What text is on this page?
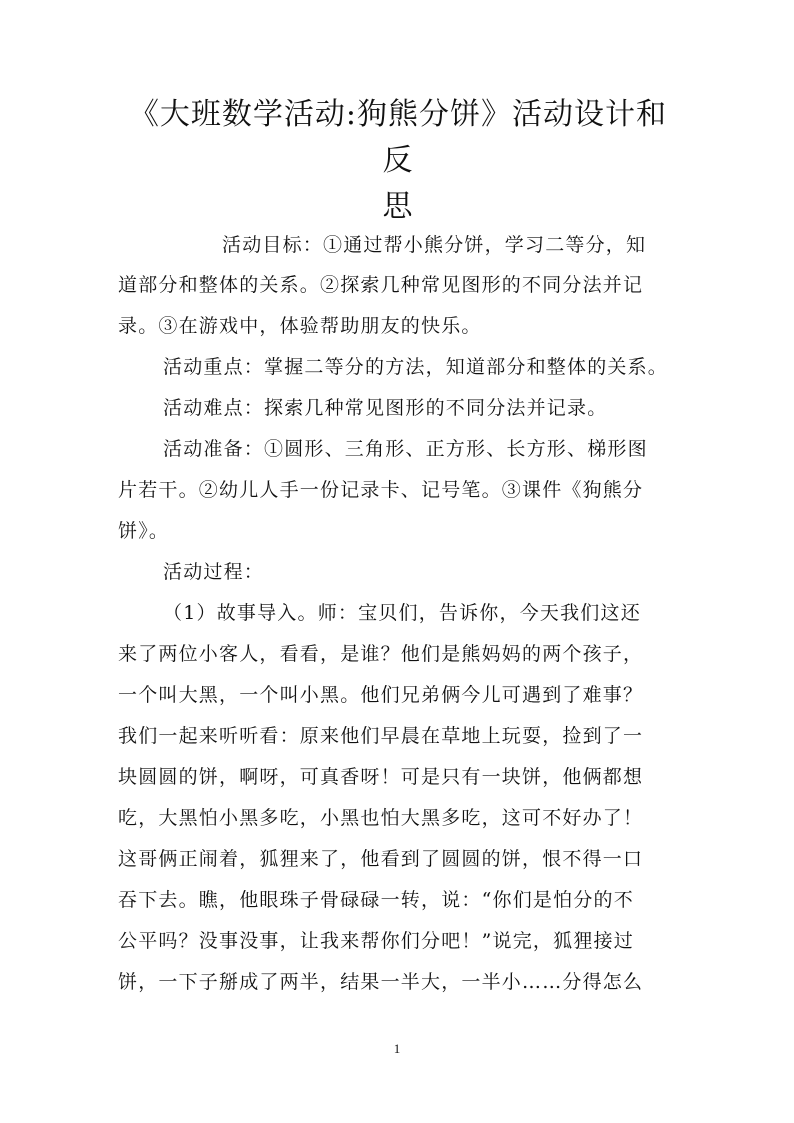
《大班数学活动:狗熊分饼》活动设计和反
思
活动目标：①通过帮小熊分饼，学习二等分，知
道部分和整体的关系。②探索几种常见图形的不同分法并记
录。③在游戏中，体验帮助朋友的快乐。
活动重点：掌握二等分的方法，知道部分和整体的关系。
活动难点：探索几种常见图形的不同分法并记录。
活动准备：①圆形、三角形、正方形、长方形、梯形图
片若干。②幼儿人手一份记录卡、记号笔。③课件《狗熊分
饼》。
活动过程：
（1）故事导入。师：宝贝们，告诉你，今天我们这还
来了两位小客人，看看，是谁？他们是熊妈妈的两个孩子，
一个叫大黑，一个叫小黑。他们兄弟俩今儿可遇到了难事？
我们一起来听听看：原来他们早晨在草地上玩耍，捡到了一
块圆圆的饼，啊呀，可真香呀！可是只有一块饼，他俩都想
吃，大黑怕小黑多吃，小黑也怕大黑多吃，这可不好办了！
这哥俩正闹着，狐狸来了，他看到了圆圆的饼，恨不得一口
吞下去。瞧，他眼珠子骨碌碌一转，说：“你们是怕分的不
公平吗？没事没事，让我来帮你们分吧！”说完，狐狸接过
饼，一下子掰成了两半，结果一半大，一半小……分得怎么
1
